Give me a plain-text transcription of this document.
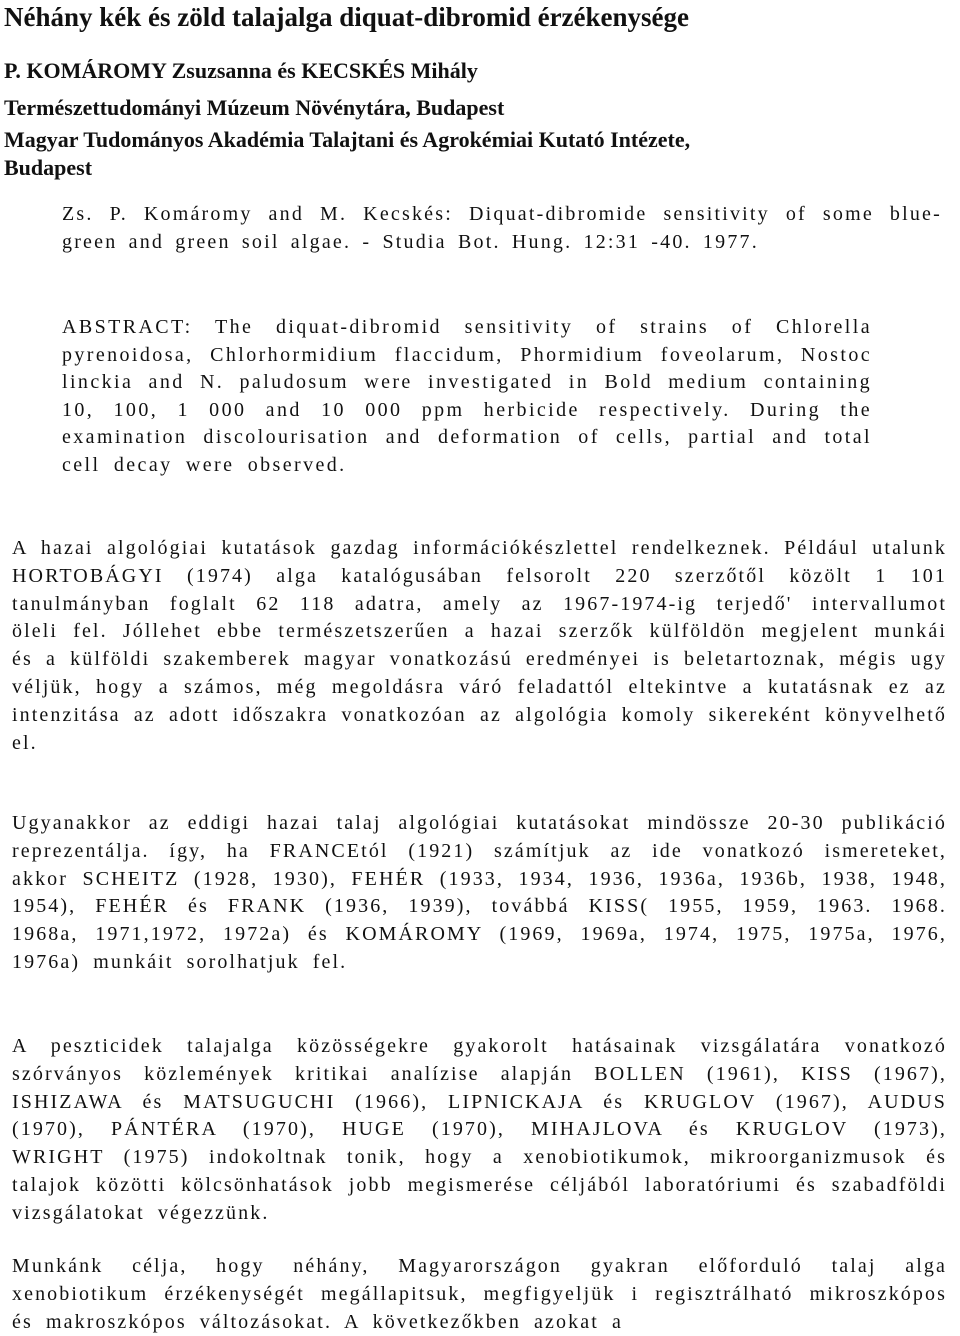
Néhány kék és zöld talajalga diquat-dibromid érzékenysége
P. KOMÁROMY Zsuzsanna és KECSKÉS Mihály
Természettudományi Múzeum Növénytára, Budapest
Magyar Tudományos Akadémia Talajtani és Agrokémiai Kutató Intézete,
Budapest
Zs. P. Komáromy and M. Kecskés: Diquat-dibromide sensitivity of some blue-green and green soil algae. - Studia Bot. Hung. 12:31 -40. 1977.
ABSTRACT: The diquat-dibromid sensitivity of strains of Chlorella pyrenoidosa, Chlorhormidium flaccidum, Phormidium foveolarum, Nostoc linckia and N. paludosum were investigated in Bold medium containing 10, 100, 1 000 and 10 000 ppm herbicide respectively. During the examination discolourisation and deformation of cells, partial and total cell decay were observed.
A hazai algológiai kutatások gazdag információkészlettel rendelkeznek. Például utalunk HORTOBÁGYI (1974) alga katalógusában felsorolt 220 szerzőtől közölt 1 101 tanulmányban foglalt 62 118 adatra, amely az 1967-1974-ig terjedő' intervallumot öleli fel. Jóllehet ebbe természetszerűen a hazai szerzők külföldön megjelent munkái és a külföldi szakemberek magyar vonatkozású eredményei is beletartoznak, mégis ugy véljük, hogy a számos, még megoldásra váró feladattól eltekintve a kutatásnak ez az intenzitása az adott időszakra vonatkozóan az algológia komoly sikereként könyvelhető el.
Ugyanakkor az eddigi hazai talaj algológiai kutatásokat mindössze 20-30 publikáció reprezentálja. így, ha FRANCEtól (1921) számítjuk az ide vonatkozó ismereteket, akkor SCHEITZ (1928, 1930), FEHÉR (1933, 1934, 1936, 1936a, 1936b, 1938, 1948, 1954), FEHÉR és FRANK (1936, 1939), továbbá KISS( 1955, 1959, 1963. 1968. 1968a, 1971,1972, 1972a) és KOMÁROMY (1969, 1969a, 1974, 1975, 1975a, 1976, 1976a) munkáit sorolhatjuk fel.
A peszticidek talajalga közösségekre gyakorolt hatásainak vizsgálatára vonatkozó szórványos közlemények kritikai analízise alapján BOLLEN (1961), KISS (1967), ISHIZAWA és MATSUGUCHI (1966), LIPNICKAJA és KRUGLOV (1967), AUDUS (1970), PÁNTÉRA (1970), HUGE (1970), MIHAJLOVA és KRUGLOV (1973), WRIGHT (1975) indokoltnak tonik, hogy a xenobiotikumok, mikroorganizmusok és talajok közötti kölcsönhatások jobb megismerése céljából laboratóriumi és szabadföldi vizsgálatokat végezzünk.
Munkánk célja, hogy néhány, Magyarországon gyakran előforduló talaj alga xenobiotikum érzékenységét megállapitsuk, megfigyeljük i regisztrálható mikroszkópos és makroszkópos változásokat. A következőkben azokat a
